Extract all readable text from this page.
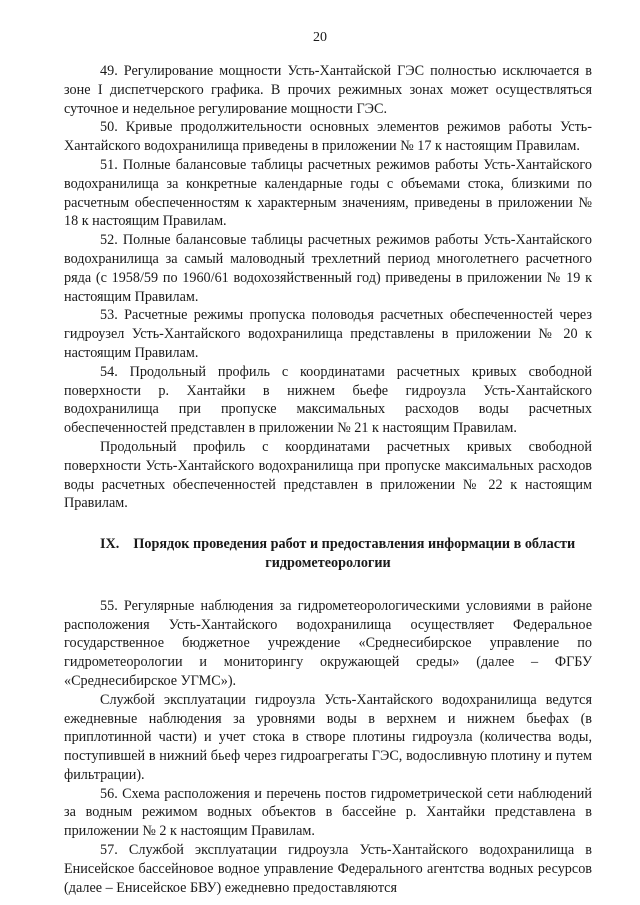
20

49. Регулирование мощности Усть-Хантайской ГЭС полностью исключается в зоне I диспетчерского графика. В прочих режимных зонах может осуществляться суточное и недельное регулирование мощности ГЭС.

50. Кривые продолжительности основных элементов режимов работы Усть-Хантайского водохранилища приведены в приложении № 17 к настоящим Правилам.

51. Полные балансовые таблицы расчетных режимов работы Усть-Хантайского водохранилища за конкретные календарные годы с объемами стока, близкими по расчетным обеспеченностям к характерным значениям, приведены в приложении № 18 к настоящим Правилам.

52. Полные балансовые таблицы расчетных режимов работы Усть-Хантайского водохранилища за самый маловодный трехлетний период многолетнего расчетного ряда (с 1958/59 по 1960/61 водохозяйственный год) приведены в приложении № 19 к настоящим Правилам.

53. Расчетные режимы пропуска половодья расчетных обеспеченностей через гидроузел Усть-Хантайского водохранилища представлены в приложении № 20 к настоящим Правилам.

54. Продольный профиль с координатами расчетных кривых свободной поверхности р. Хантайки в нижнем бьефе гидроузла Усть-Хантайского водохранилища при пропуске максимальных расходов воды расчетных обеспеченностей представлен в приложении № 21 к настоящим Правилам.

Продольный профиль с координатами расчетных кривых свободной поверхности Усть-Хантайского водохранилища при пропуске максимальных расходов воды расчетных обеспеченностей представлен в приложении № 22 к настоящим Правилам.

IX. Порядок проведения работ и предоставления информации в области
гидрометеорологии

55. Регулярные наблюдения за гидрометеорологическими условиями в районе расположения Усть-Хантайского водохранилища осуществляет Федеральное государственное бюджетное учреждение «Среднесибирское управление по гидрометеорологии и мониторингу окружающей среды» (далее – ФГБУ «Среднесибирское УГМС»).

Службой эксплуатации гидроузла Усть-Хантайского водохранилища ведутся ежедневные наблюдения за уровнями воды в верхнем и нижнем бьефах (в приплотинной части) и учет стока в створе плотины гидроузла (количества воды, поступившей в нижний бьеф через гидроагрегаты ГЭС, водосливную плотину и путем фильтрации).

56. Схема расположения и перечень постов гидрометрической сети наблюдений за водным режимом водных объектов в бассейне р. Хантайки представлена в приложении № 2 к настоящим Правилам.

57. Службой эксплуатации гидроузла Усть-Хантайского водохранилища в Енисейское бассейновое водное управление Федерального агентства водных ресурсов (далее – Енисейское БВУ) ежедневно предоставляются
